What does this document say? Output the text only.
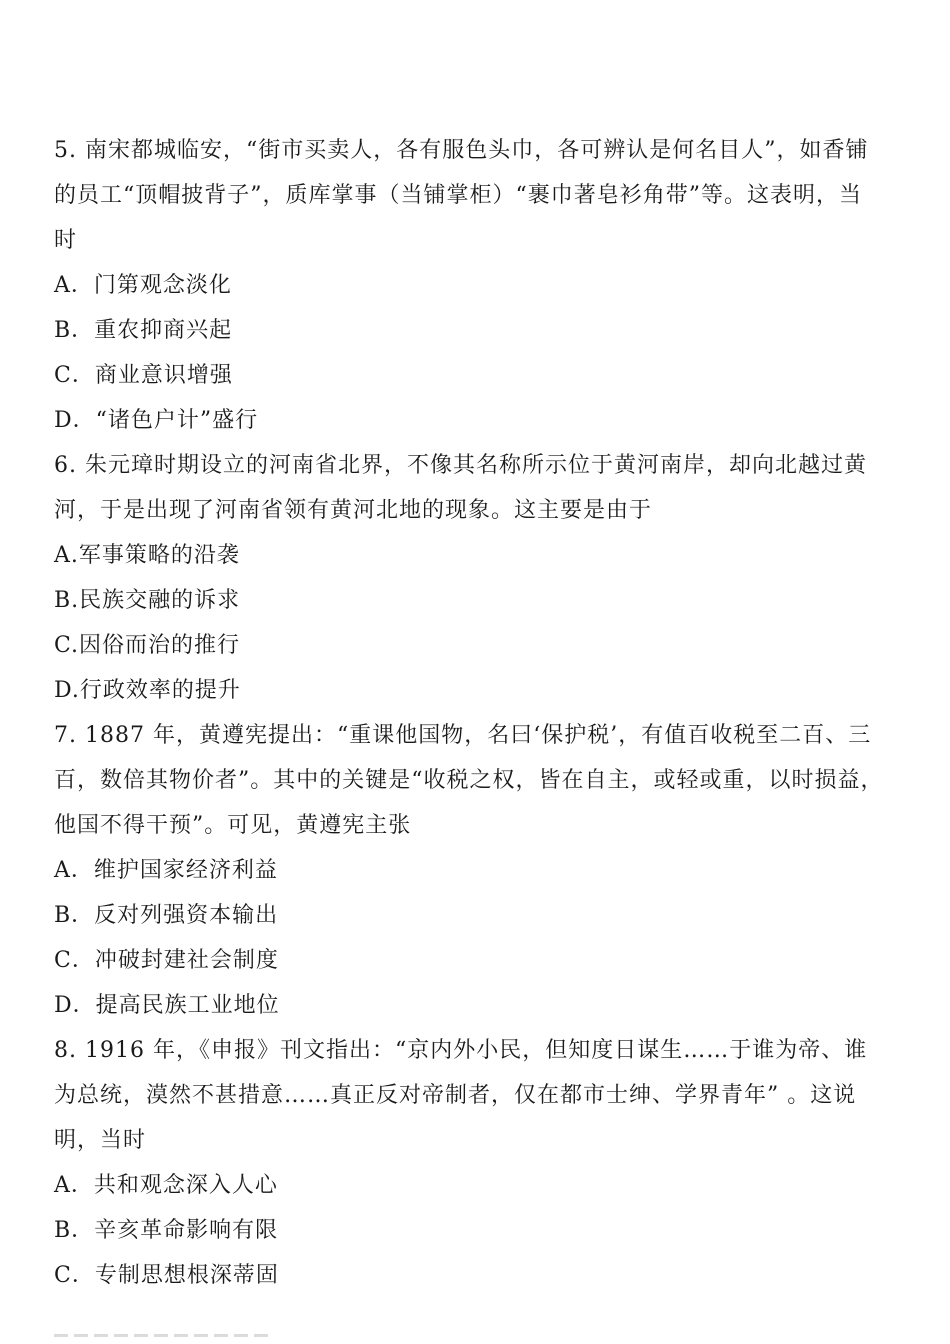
5. 南宋都城临安，“街市买卖人，各有服色头巾，各可辨认是何名目人”，如香铺
的员工“顶帽披背子”，质库掌事（当铺掌柜）“裹巾著皂衫角带”等。这表明，当
时
A．门第观念淡化
B．重农抑商兴起
C．商业意识增强
D．“诸色户计”盛行
6. 朱元璋时期设立的河南省北界，不像其名称所示位于黄河南岸，却向北越过黄
河，于是出现了河南省领有黄河北地的现象。这主要是由于
A.军事策略的沿袭
B.民族交融的诉求
C.因俗而治的推行
D.行政效率的提升
7. 1887 年，黄遵宪提出：“重课他国物，名曰‘保护税’，有值百收税至二百、三
百，数倍其物价者”。其中的关键是“收税之权，皆在自主，或轻或重，以时损益，
他国不得干预”。可见，黄遵宪主张
A．维护国家经济利益
B．反对列强资本输出
C．冲破封建社会制度
D．提高民族工业地位
8. 1916 年，《申报》刊文指出：“京内外小民，但知度日谋生……于谁为帝、谁
为总统，漠然不甚措意……真正反对帝制者，仅在都市士绅、学界青年” 。这说
明，当时
A．共和观念深入人心
B．辛亥革命影响有限
C．专制思想根深蒂固
